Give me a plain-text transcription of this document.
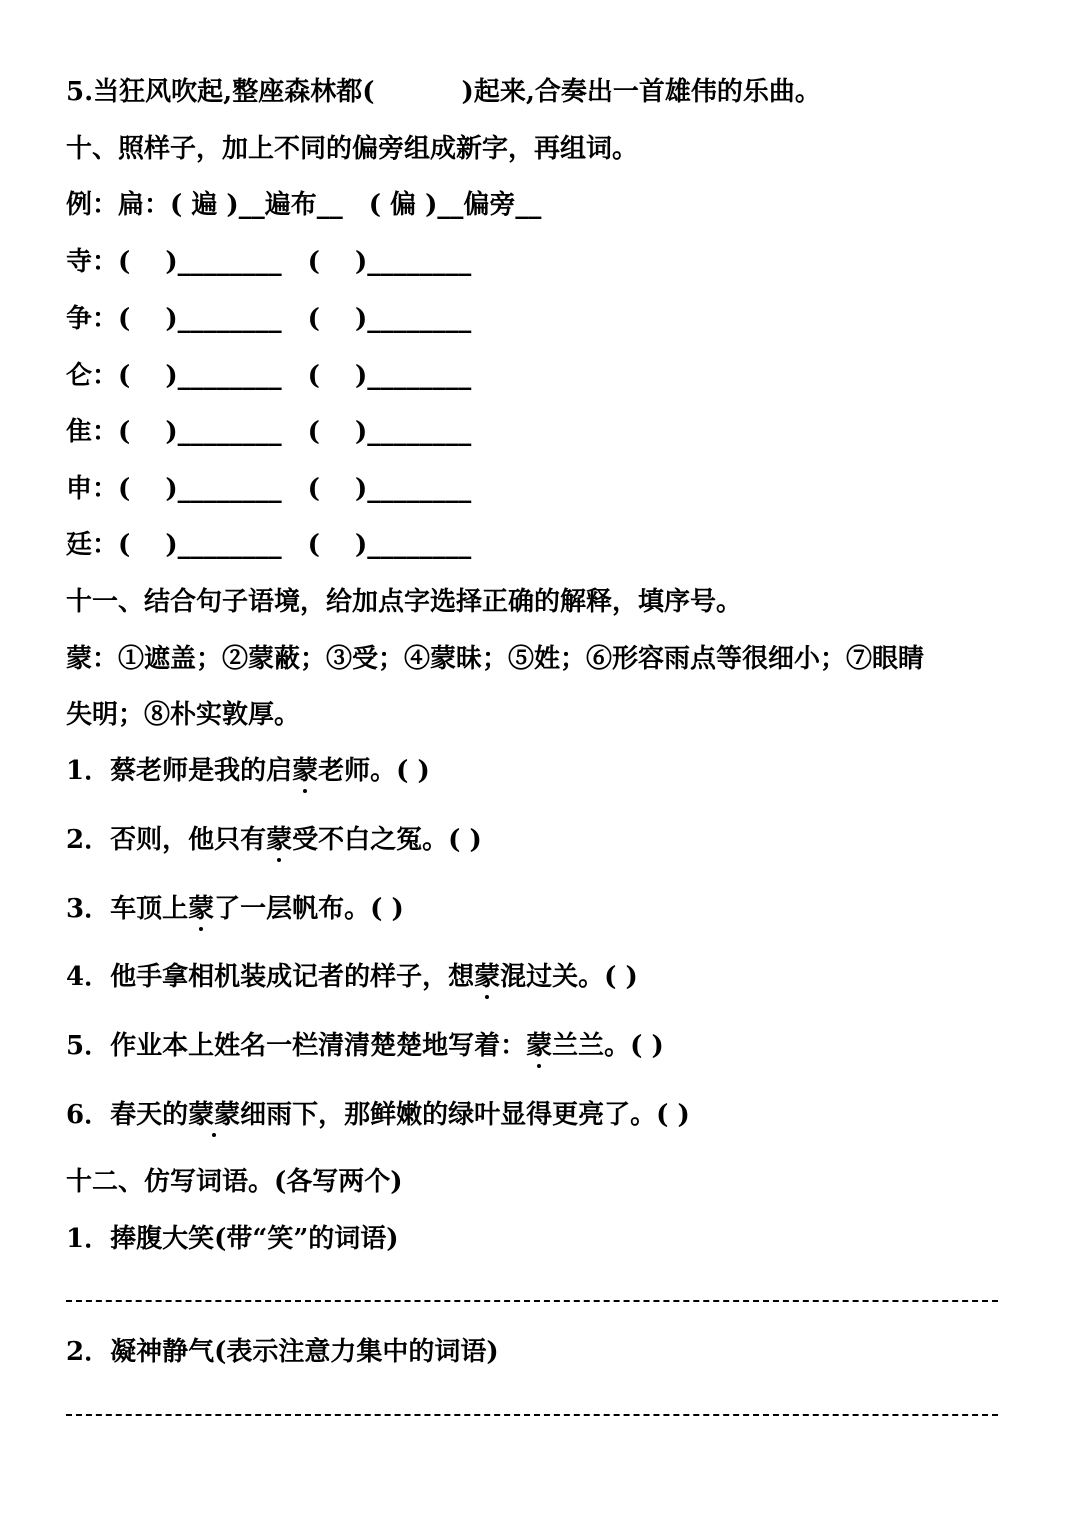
5.当狂风吹起,整座森林都(　　　 )起来,合奏出一首雄伟的乐曲。

十、照样子，加上不同的偏旁组成新字，再组词。

例：扁：( 遍 )__遍布__　( 偏 )__偏旁__

寺：(　 )________　(　 )________

争：(　 )________　(　 )________

仑：(　 )________　(　 )________

隹：(　 )________　(　 )________

申：(　 )________　(　 )________

廷：(　 )________　(　 )________

十一、结合句子语境，给加点字选择正确的解释，填序号。

蒙：①遮盖；②蒙蔽；③受；④蒙昧；⑤姓；⑥形容雨点等很细小；⑦眼睛

失明；⑧朴实敦厚。

1．蔡老师是我的启蒙老师。( )

2．否则，他只有蒙受不白之冤。( )

3．车顶上蒙了一层帆布。( )

4．他手拿相机装成记者的样子，想蒙混过关。( )

5．作业本上姓名一栏清清楚楚地写着：蒙兰兰。( )

6．春天的蒙蒙细雨下，那鲜嫩的绿叶显得更亮了。( )

十二、仿写词语。(各写两个)

1．捧腹大笑(带“笑”的词语)

2．凝神静气(表示注意力集中的词语)
